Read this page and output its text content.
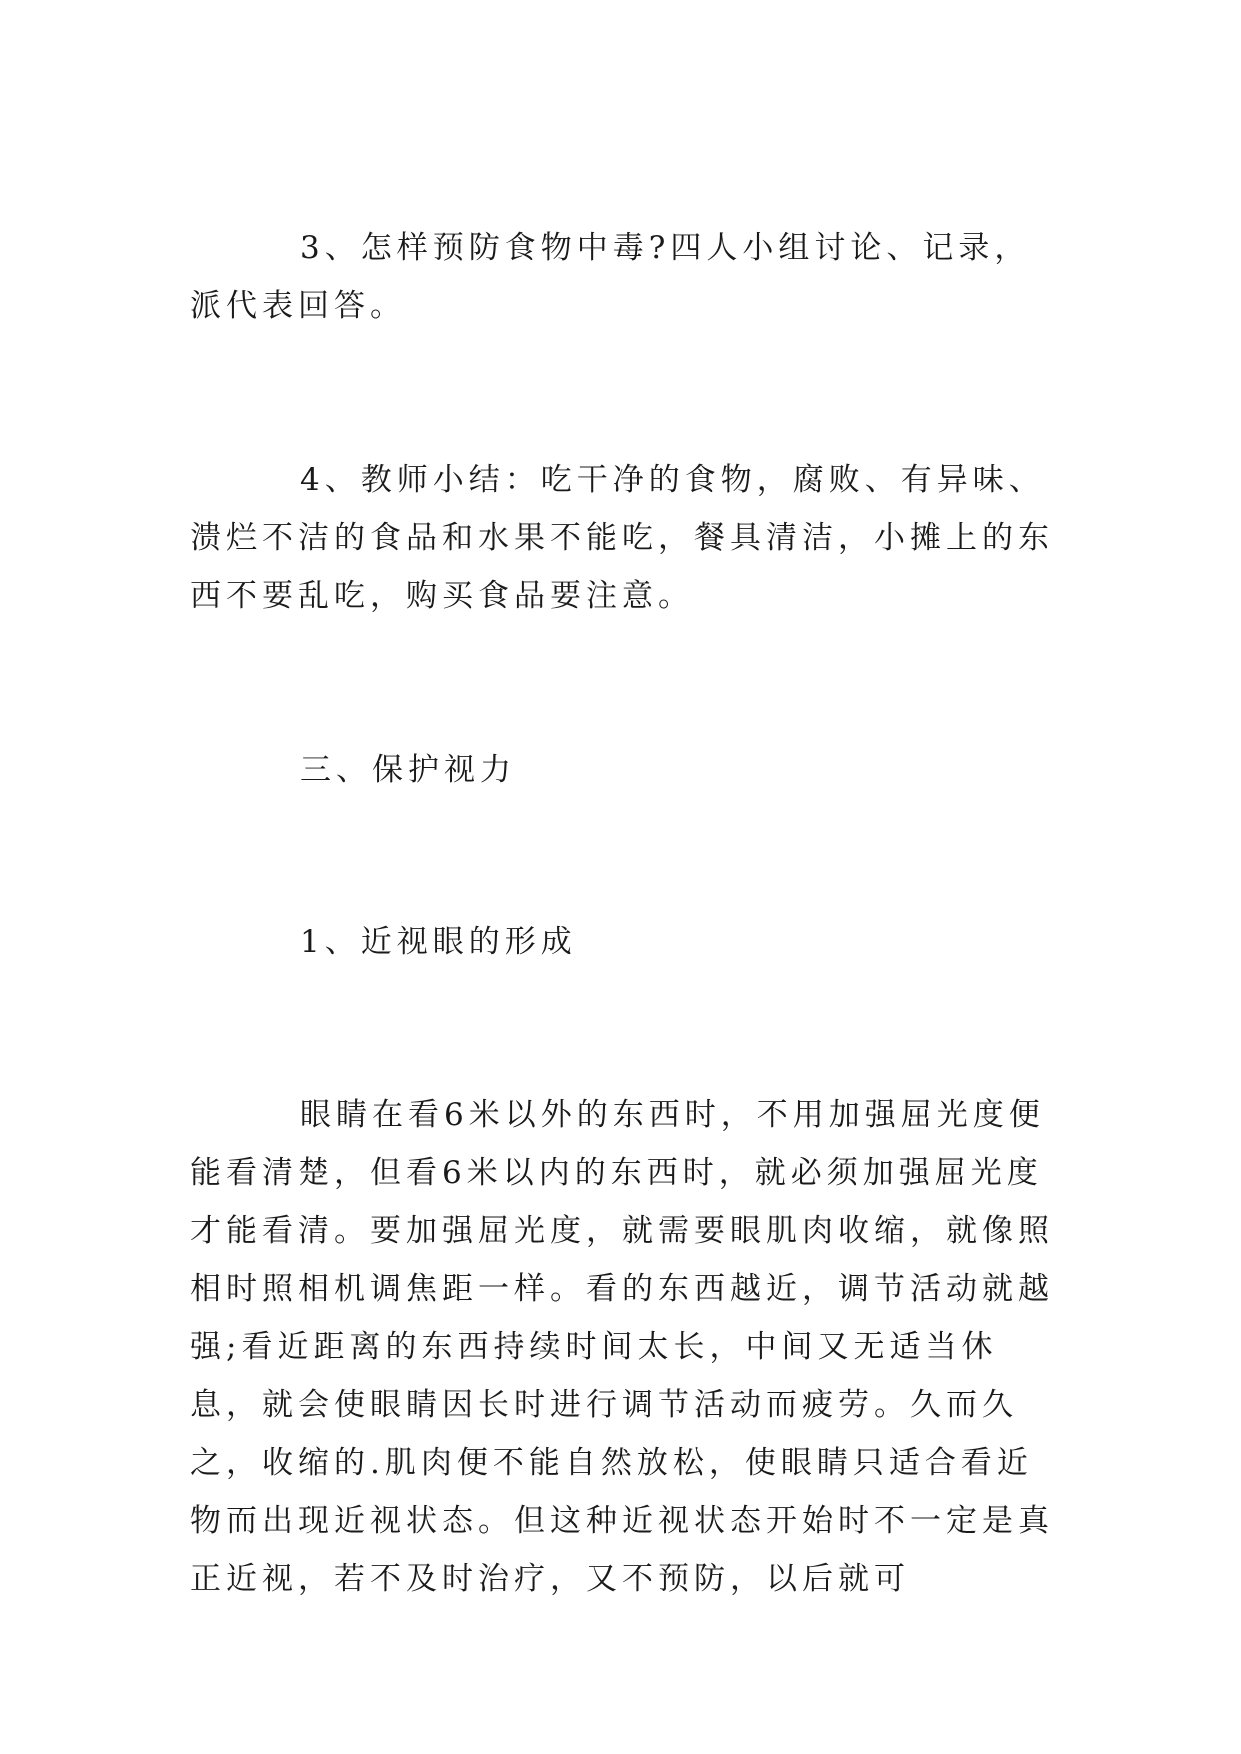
3、怎样预防食物中毒?四人小组讨论、记录，派代表回答。

4、教师小结：吃干净的食物，腐败、有异味、溃烂不洁的食品和水果不能吃，餐具清洁，小摊上的东西不要乱吃，购买食品要注意。

三、保护视力

1、近视眼的形成

眼睛在看6米以外的东西时，不用加强屈光度便能看清楚，但看6米以内的东西时，就必须加强屈光度才能看清。要加强屈光度，就需要眼肌肉收缩，就像照相时照相机调焦距一样。看的东西越近，调节活动就越强;看近距离的东西持续时间太长，中间又无适当休息，就会使眼睛因长时进行调节活动而疲劳。久而久之，收缩的.肌肉便不能自然放松，使眼睛只适合看近物而出现近视状态。但这种近视状态开始时不一定是真正近视，若不及时治疗，又不预防，以后就可
